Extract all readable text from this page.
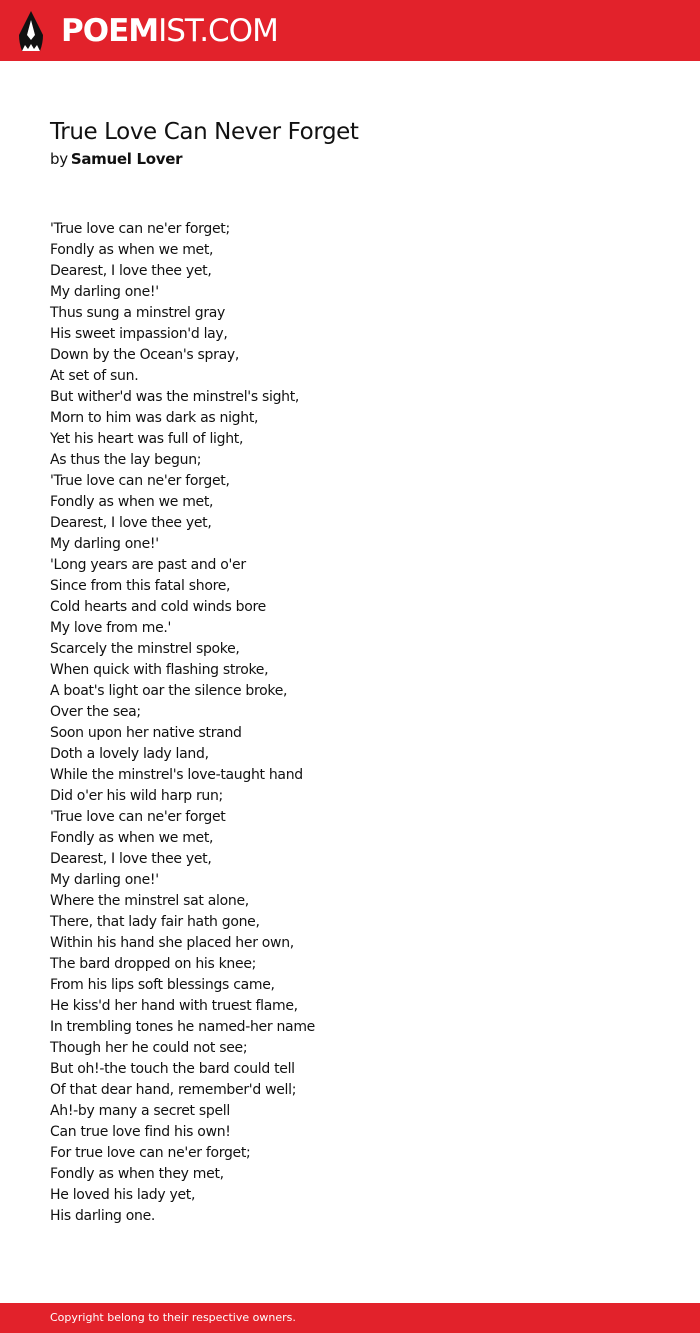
POEMIST.COM
True Love Can Never Forget
by Samuel Lover
'True love can ne'er forget;
Fondly as when we met,
Dearest, I love thee yet,
My darling one!'
Thus sung a minstrel gray
His sweet impassion'd lay,
Down by the Ocean's spray,
At set of sun.
But wither'd was the minstrel's sight,
Morn to him was dark as night,
Yet his heart was full of light,
As thus the lay begun;
'True love can ne'er forget,
Fondly as when we met,
Dearest, I love thee yet,
My darling one!'
'Long years are past and o'er
Since from this fatal shore,
Cold hearts and cold winds bore
My love from me.'
Scarcely the minstrel spoke,
When quick with flashing stroke,
A boat's light oar the silence broke,
Over the sea;
Soon upon her native strand
Doth a lovely lady land,
While the minstrel's love-taught hand
Did o'er his wild harp run;
'True love can ne'er forget
Fondly as when we met,
Dearest, I love thee yet,
My darling one!'
Where the minstrel sat alone,
There, that lady fair hath gone,
Within his hand she placed her own,
The bard dropped on his knee;
From his lips soft blessings came,
He kiss'd her hand with truest flame,
In trembling tones he named-her name
Though her he could not see;
But oh!-the touch the bard could tell
Of that dear hand, remember'd well;
Ah!-by many a secret spell
Can true love find his own!
For true love can ne'er forget;
Fondly as when they met,
He loved his lady yet,
His darling one.
Copyright belong to their respective owners.
